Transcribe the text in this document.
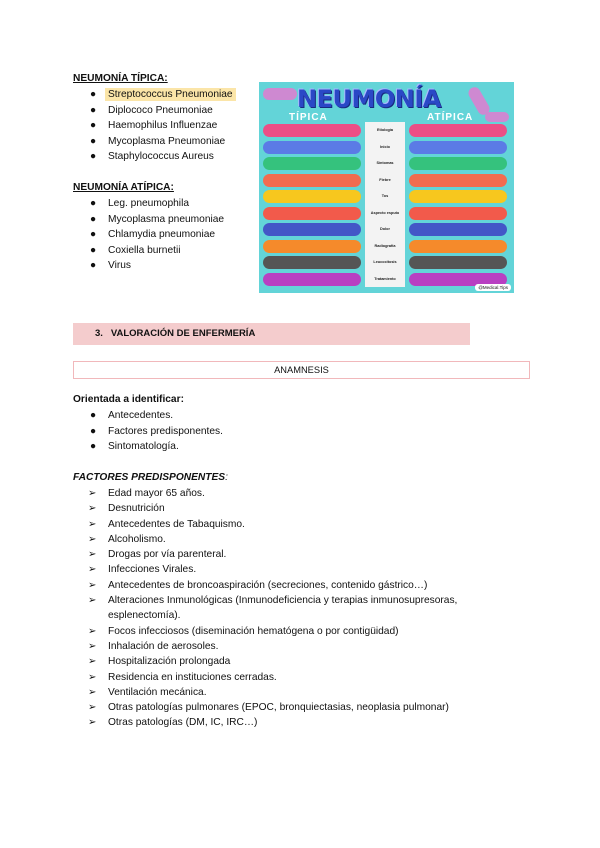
NEUMONÍA TÍPICA:
● Streptococcus Pneumoniae
● Diplococo Pneumoniae
● Haemophilus Influenzae
● Mycoplasma Pneumoniae
● Staphylococcus Aureus
NEUMONÍA ATÍPICA:
● Leg. pneumophila
● Mycoplasma pneumoniae
● Chlamydia pneumoniae
● Coxiella burnetii
● Virus
NEUMONÍA
TÍPICA	ATÍPICA
Etiología
Inicio
Síntomas
Fiebre
Tos
Aspecto esputo
Dolor
Radiografía
Leucocitosis
Tratamiento
@Medical.Tips
3. VALORACIÓN DE ENFERMERÍA
ANAMNESIS
Orientada a identificar:
● Antecedentes.
● Factores predisponentes.
● Sintomatología.
FACTORES PREDISPONENTES:
➢ Edad mayor 65 años.
➢ Desnutrición
➢ Antecedentes de Tabaquismo.
➢ Alcoholismo.
➢ Drogas por vía parenteral.
➢ Infecciones Virales.
➢ Antecedentes de broncoaspiración (secreciones, contenido gástrico…)
➢ Alteraciones Inmunológicas (Inmunodeficiencia y terapias inmunosupresoras, esplenectomía).
➢ Focos infecciosos (diseminación hematógena o por contigüidad)
➢ Inhalación de aerosoles.
➢ Hospitalización prolongada
➢ Residencia en instituciones cerradas.
➢ Ventilación mecánica.
➢ Otras patologías pulmonares (EPOC, bronquiectasias, neoplasia pulmonar)
➢ Otras patologías (DM, IC, IRC…)
